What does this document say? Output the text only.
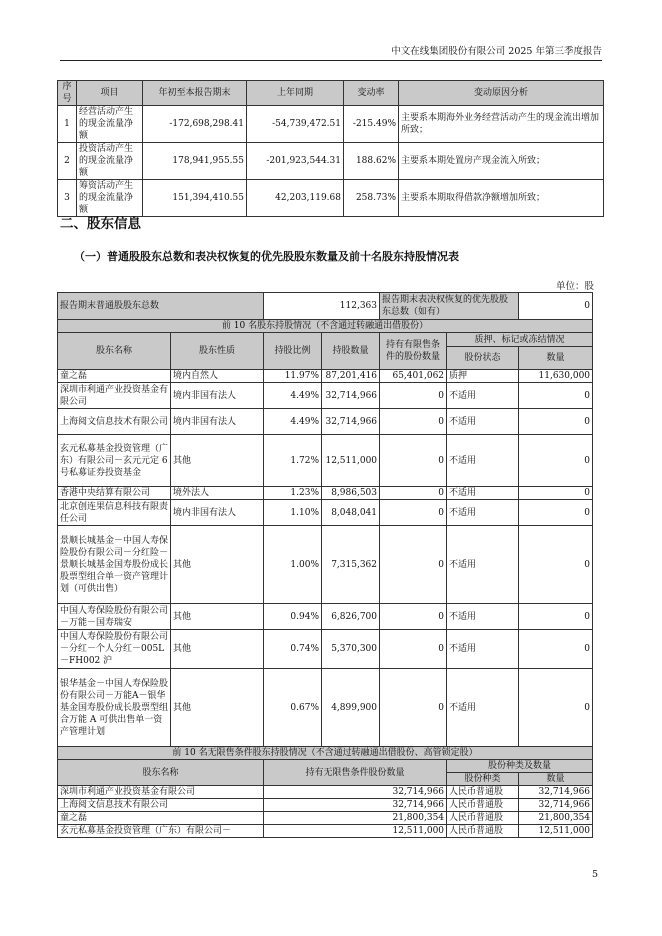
中文在线集团股份有限公司 2025 年第三季度报告
序号	项目	年初至本报告期末	上年同期	变动率	变动原因分析
1	经营活动产生的现金流量净额	-172,698,298.41	-54,739,472.51	-215.49%	主要系本期海外业务经营活动产生的现金流出增加所致；
2	投资活动产生的现金流量净额	178,941,955.55	-201,923,544.31	188.62%	主要系本期处置房产现金流入所致；
3	筹资活动产生的现金流量净额	151,394,410.55	42,203,119.68	258.73%	主要系本期取得借款净额增加所致；
二、股东信息
（一）普通股股东总数和表决权恢复的优先股股东数量及前十名股东持股情况表
单位：股
报告期末普通股股东总数		112,363		报告期末表决权恢复的优先股股东总数（如有）		0
前 10 名股东持股情况（不含通过转融通出借股份）						
股东名称	股东性质	持股比例	持股数量	持有有限售条件的股份数量	质押、标记或冻结情况	
					股份状态	数量
童之磊	境内自然人	11.97%	87,201,416	65,401,062	质押	11,630,000
深圳市利通产业投资基金有限公司	境内非国有法人	4.49%	32,714,966	0	不适用	0
上海阅文信息技术有限公司	境内非国有法人	4.49%	32,714,966	0	不适用	0
玄元私募基金投资管理（广东）有限公司－玄元元定 6 号私募证券投资基金	其他	1.72%	12,511,000	0	不适用	0
香港中央结算有限公司	境外法人	1.23%	8,986,503	0	不适用	0
北京创连果信息科技有限责任公司	境内非国有法人	1.10%	8,048,041	0	不适用	0
景顺长城基金－中国人寿保险股份有限公司－分红险－景顺长城基金国寿股份成长股票型组合单一资产管理计划（可供出售）	其他	1.00%	7,315,362	0	不适用	0
中国人寿保险股份有限公司－万能－国寿瑞安	其他	0.94%	6,826,700	0	不适用	0
中国人寿保险股份有限公司－分红－个人分红－005L－FH002 沪	其他	0.74%	5,370,300	0	不适用	0
银华基金－中国人寿保险股份有限公司－万能A－银华基金国寿股份成长股票型组合万能 A 可供出售单一资产管理计划	其他	0.67%	4,899,900	0	不适用	0
前 10 名无限售条件股东持股情况（不含通过转融通出借股份、高管锁定股）						
股东名称		持有无限售条件股份数量			股份种类及数量	
					股份种类	数量
深圳市利通产业投资基金有限公司		32,714,966			人民币普通股	32,714,966
上海阅文信息技术有限公司		32,714,966			人民币普通股	32,714,966
童之磊		21,800,354			人民币普通股	21,800,354
玄元私募基金投资管理（广东）有限公司－		12,511,000			人民币普通股	12,511,000
5
